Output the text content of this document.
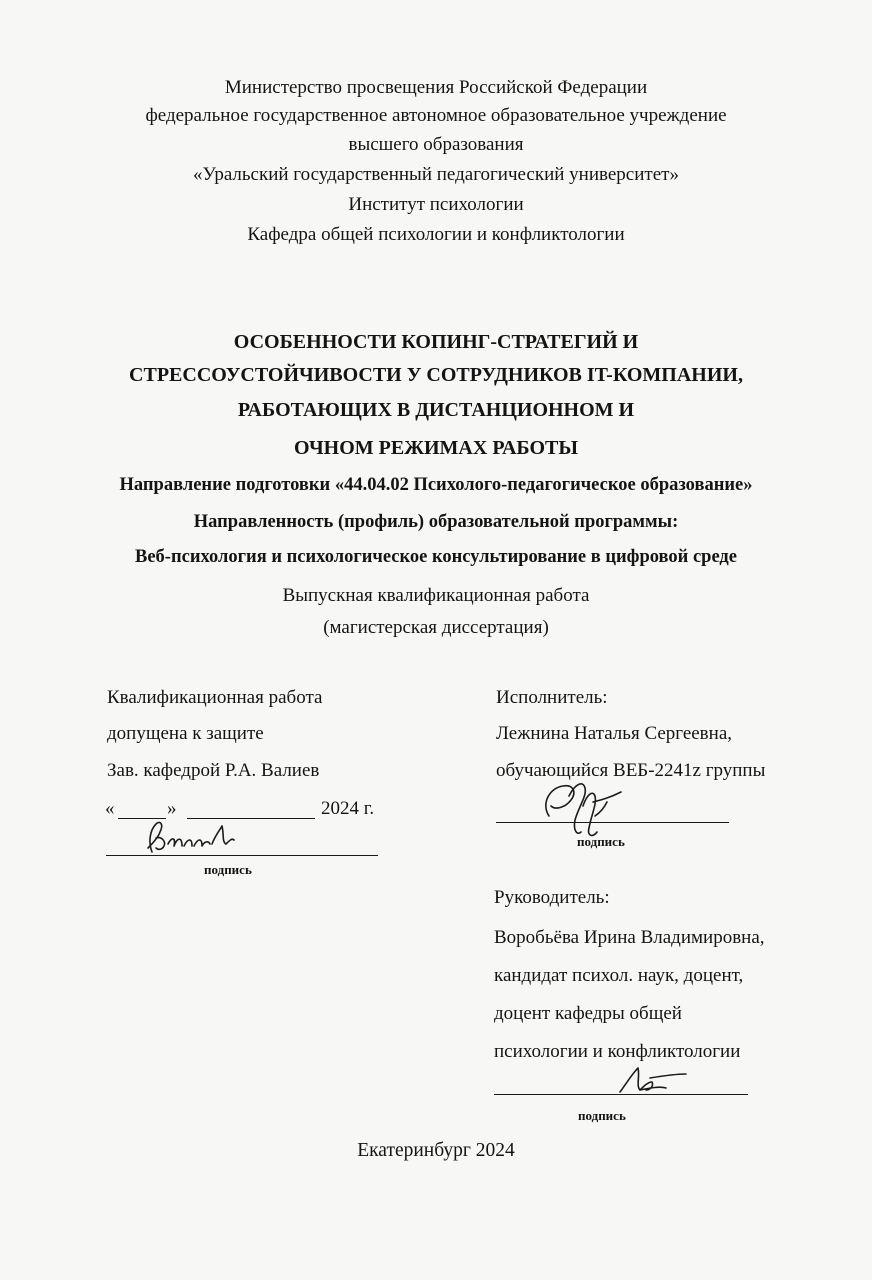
Министерство просвещения Российской Федерации
федеральное государственное автономное образовательное учреждение
высшего образования
«Уральский государственный педагогический университет»
Институт психологии
Кафедра общей психологии и конфликтологии
ОСОБЕННОСТИ КОПИНГ-СТРАТЕГИЙ И
СТРЕССОУСТОЙЧИВОСТИ У СОТРУДНИКОВ IT-КОМПАНИИ,
РАБОТАЮЩИХ В ДИСТАНЦИОННОМ И
ОЧНОМ РЕЖИМАХ РАБОТЫ
Направление подготовки «44.04.02 Психолого-педагогическое образование»
Направленность (профиль) образовательной программы:
Веб-психология и психологическое консультирование в цифровой среде
Выпускная квалификационная работа
(магистерская диссертация)
Квалификационная работа
допущена к защите
Зав. кафедрой Р.А. Валиев
«	»	2024 г.
подпись
Исполнитель:
Лежнина Наталья Сергеевна,
обучающийся ВЕБ-2241z группы
подпись
Руководитель:
Воробьёва Ирина Владимировна,
кандидат психол. наук, доцент,
доцент кафедры общей
психологии и конфликтологии
подпись
Екатеринбург 2024
